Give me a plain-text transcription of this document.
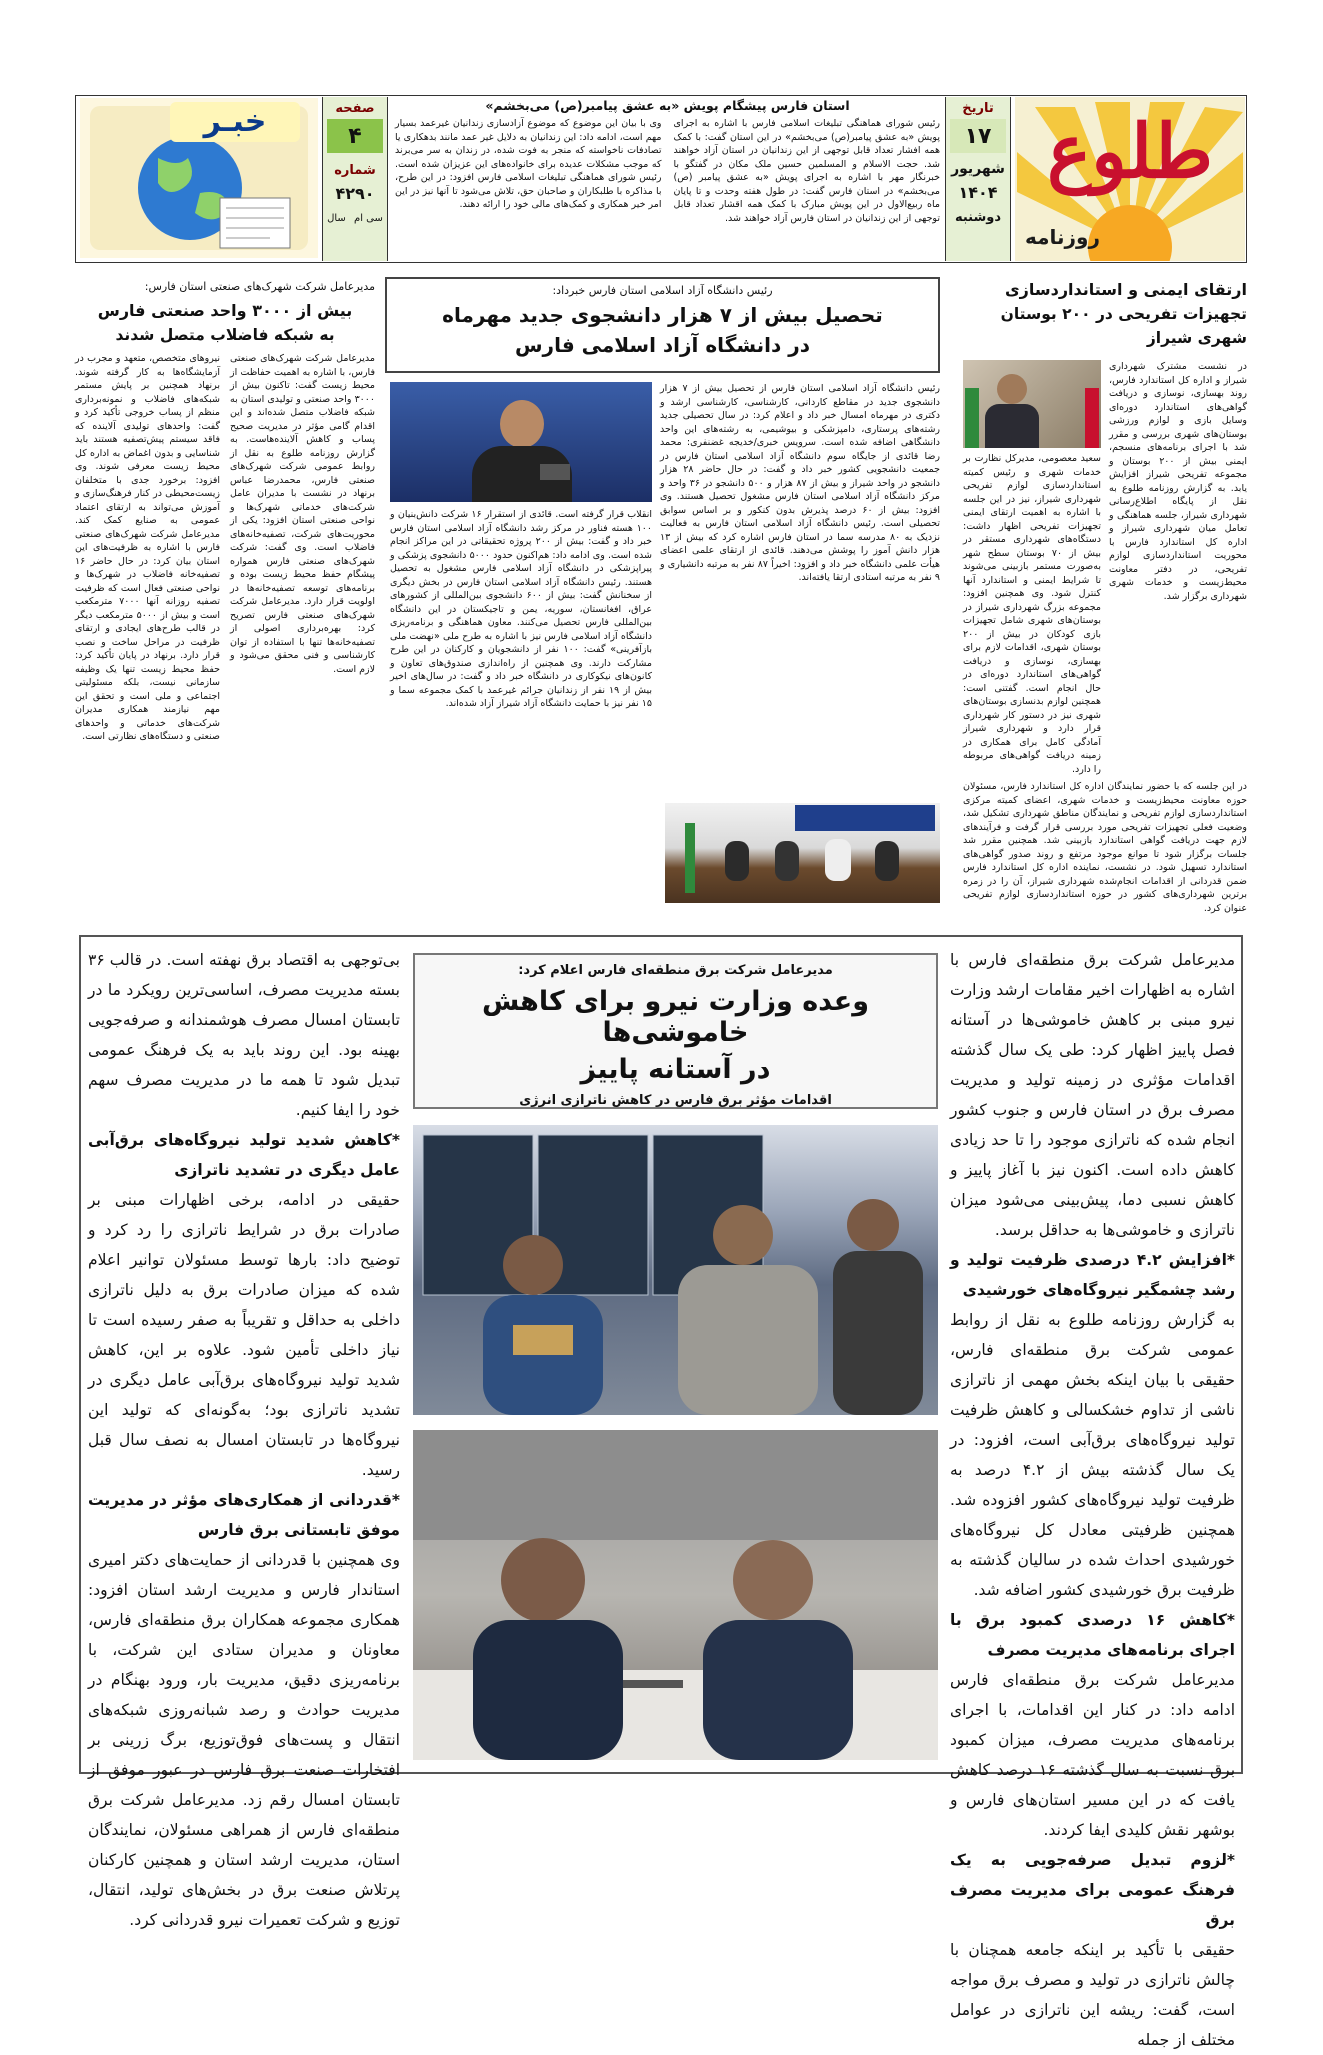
طلوع
روزنامه
تاریخ
۱۷
شهریور
۱۴۰۴
دوشنبه
استان فارس پیشگام پویش «به عشق پیامبر(ص) می‌بخشم»

رئیس شورای هماهنگی تبلیغات اسلامی فارس با اشاره به اجرای پویش «به عشق پیامبر(ص) می‌بخشم» در این استان گفت: با کمک همه افشار تعداد قابل توجهی از این زندانیان در استان آزاد خواهند شد. حجت الاسلام و المسلمین حسین ملک مکان در گفتگو با خبرنگار مهر با اشاره به اجرای پویش «به عشق پیامبر (ص) می‌بخشم» در استان فارس گفت: در طول هفته وحدت و تا پایان ماه ربیع‌الاول در این پویش مبارک با کمک همه اقشار تعداد قابل توجهی از این زندانیان در استان فارس آزاد خواهند شد.

وی با بیان این موضوع که موضوع آزادسازی زندانیان غیرعمد بسیار مهم است، ادامه داد: این زندانیان به دلایل غیر عمد مانند بدهکاری یا تصادفات ناخواسته که منجر به فوت شده، در زندان به سر می‌برند که موجب مشکلات عدیده برای خانواده‌های این عزیزان شده است. رئیس شورای هماهنگی تبلیغات اسلامی فارس افزود: در این طرح، با مذاکره با طلبکاران و صاحبان حق، تلاش می‌شود تا آنها نیز در این امر خیر همکاری و کمک‌های مالی خود را ارائه دهند.

صفحه
۴
شماره
۴۲۹۰
سال سی ام
خبـر
ارتقای ایمنی و استانداردسازی
تجهیزات تفریحی در ۲۰۰ بوستان شهری شیراز

در نشست مشترک شهرداری شیراز و اداره کل استاندارد فارس، روند بهسازی، نوسازی و دریافت گواهی‌های استاندارد دوره‌ای وسایل بازی و لوازم ورزشی بوستان‌های شهری بررسی و مقرر شد با اجرای برنامه‌های منسجم، ایمنی بیش از ۲۰۰ بوستان و مجموعه تفریحی شیراز افزایش یابد. به گزارش روزنامه طلوع به نقل از پایگاه اطلاع‌رسانی شهرداری شیراز، جلسه هماهنگی و تعامل میان شهرداری شیراز و اداره کل استاندارد فارس با محوریت استانداردسازی لوازم تفریحی، در دفتر معاونت محیط‌زیست و خدمات شهری شهرداری برگزار شد.

سعید معصومی، مدیرکل نظارت بر خدمات شهری و رئیس کمیته استانداردسازی لوازم تفریحی شهرداری شیراز، نیز در این جلسه با اشاره به اهمیت ارتقای ایمنی تجهیزات تفریحی اظهار داشت: دستگاه‌های شهرداری مستقر در بیش از ۷۰ بوستان سطح شهر به‌صورت مستمر بازبینی می‌شوند تا شرایط ایمنی و استاندارد آنها کنترل شود. وی همچنین افزود: مجموعه بزرگ شهرداری شیراز در بوستان‌های شهری شامل تجهیزات بازی کودکان در بیش از ۲۰۰ بوستان شهری، اقدامات لازم برای بهسازی، نوسازی و دریافت گواهی‌های استاندارد دوره‌ای در حال انجام است. گفتنی است: همچنین لوازم بدنسازی بوستان‌های شهری نیز در دستور کار شهرداری قرار دارد و شهرداری شیراز آمادگی کامل برای همکاری در زمینه دریافت گواهی‌های مربوطه را دارد.

در این جلسه که با حضور نمایندگان اداره کل استاندارد فارس، مسئولان حوزه معاونت محیط‌زیست و خدمات شهری، اعضای کمیته مرکزی استانداردسازی لوازم تفریحی و نمایندگان مناطق شهرداری تشکیل شد، وضعیت فعلی تجهیزات تفریحی مورد بررسی قرار گرفت و فرآیندهای لازم جهت دریافت گواهی استاندارد بازبینی شد. همچنین مقرر شد جلسات برگزار شود تا موانع موجود مرتفع و روند صدور گواهی‌های استاندارد تسهیل شود. در نشست، نماینده اداره کل استاندارد فارس ضمن قدردانی از اقدامات انجام‌شده شهرداری شیراز، آن را در زمره برترین شهرداری‌های کشور در حوزه استانداردسازی لوازم تفریحی عنوان کرد.

رئیس دانشگاه آزاد اسلامی استان فارس خبرداد:
تحصیل بیش از ۷ هزار دانشجوی جدید مهرماه
در دانشگاه آزاد اسلامی فارس

رئیس دانشگاه آزاد اسلامی استان فارس از تحصیل بیش از ۷ هزار دانشجوی جدید در مقاطع کاردانی، کارشناسی، کارشناسی ارشد و دکتری در مهرماه امسال خبر داد و اعلام کرد: در سال تحصیلی جدید رشته‌های پرستاری، دامپزشکی و بیوشیمی، به رشته‌های این واحد دانشگاهی اضافه شده است. سرویس خبری/خدیجه غضنفری: محمد رضا قائدی از جایگاه سوم دانشگاه آزاد اسلامی استان فارس در جمعیت دانشجویی کشور خبر داد و گفت: در حال حاضر ۲۸ هزار دانشجو در واحد شیراز و بیش از ۸۷ هزار و ۵۰۰ دانشجو در ۳۶ واحد و مرکز دانشگاه آزاد اسلامی استان فارس مشغول تحصیل هستند. وی افزود: بیش از ۶۰ درصد پذیرش بدون کنکور و بر اساس سوابق تحصیلی است. رئیس دانشگاه آزاد اسلامی استان فارس به فعالیت نزدیک به ۸۰ مدرسه سما در استان فارس اشاره کرد که بیش از ۱۳ هزار دانش آموز را پوشش می‌دهند. قائدی از ارتقای علمی اعضای هیأت علمی دانشگاه خبر داد و افزود: اخیراً ۸۷ نفر به مرتبه دانشیاری و ۹ نفر به مرتبه استادی ارتقا یافته‌اند.

انقلاب قرار گرفته است. قائدی از استقرار ۱۶ شرکت دانش‌بنیان و ۱۰۰ هسته فناور در مرکز رشد دانشگاه آزاد اسلامی استان فارس خبر داد و گفت: بیش از ۲۰۰ پروژه تحقیقاتی در این مراکز انجام شده است. وی ادامه داد: هم‌اکنون حدود ۵۰۰۰ دانشجوی پزشکی و پیراپزشکی در دانشگاه آزاد اسلامی فارس مشغول به تحصیل هستند. رئیس دانشگاه آزاد اسلامی استان فارس در بخش دیگری از سخنانش گفت: بیش از ۶۰۰ دانشجوی بین‌المللی از کشورهای عراق، افغانستان، سوریه، یمن و تاجیکستان در این دانشگاه بین‌المللی فارس تحصیل می‌کنند. معاون هماهنگی و برنامه‌ریزی دانشگاه آزاد اسلامی فارس نیز با اشاره به طرح ملی «نهضت ملی بازآفرینی» گفت: ۱۰۰ نفر از دانشجویان و کارکنان در این طرح مشارکت دارند. وی همچنین از راه‌اندازی صندوق‌های تعاون و کانون‌های نیکوکاری در دانشگاه خبر داد و گفت: در سال‌های اخیر بیش از ۱۹ نفر از زندانیان جرائم غیرعمد با کمک مجموعه سما و ۱۵ نفر نیز با حمایت دانشگاه آزاد شیراز آزاد شده‌اند.

مدیرعامل شرکت شهرک‌های صنعتی استان فارس:
بیش از ۳۰۰۰ واحد صنعتی فارس
به شبکه فاضلاب متصل شدند

مدیرعامل شرکت شهرک‌های صنعتی فارس، با اشاره به اهمیت حفاظت از محیط زیست گفت: تاکنون بیش از ۳۰۰۰ واحد صنعتی و تولیدی استان به شبکه فاضلاب متصل شده‌اند و این اقدام گامی مؤثر در مدیریت صحیح پساب و کاهش آلاینده‌هاست. به گزارش روزنامه طلوع به نقل از روابط عمومی شرکت شهرک‌های صنعتی فارس، محمدرضا عباس برنهاد در نشست با مدیران عامل شرکت‌های خدماتی شهرک‌ها و نواحی صنعتی استان افزود: یکی از محوریت‌های شرکت، تصفیه‌خانه‌های فاضلاب است. وی گفت: شرکت شهرک‌های صنعتی فارس همواره پیشگام حفظ محیط زیست بوده و برنامه‌های توسعه تصفیه‌خانه‌ها در اولویت قرار دارد. مدیرعامل شرکت شهرک‌های صنعتی فارس تصریح کرد: بهره‌برداری اصولی از تصفیه‌خانه‌ها تنها با استفاده از توان کارشناسی و فنی محقق می‌شود و لازم است.

نیروهای متخصص، متعهد و مجرب در آزمایشگاه‌ها به کار گرفته شوند. برنهاد همچنین بر پایش مستمر شبکه‌های فاضلاب و نمونه‌برداری منظم از پساب خروجی تأکید کرد و گفت: واحدهای تولیدی آلاینده که فاقد سیستم پیش‌تصفیه هستند باید شناسایی و بدون اغماض به اداره کل محیط زیست معرفی شوند. وی افزود: برخورد جدی با متخلفان زیست‌محیطی در کنار فرهنگ‌سازی و آموزش می‌تواند به ارتقای اعتماد عمومی به صنایع کمک کند. مدیرعامل شرکت شهرک‌های صنعتی فارس با اشاره به ظرفیت‌های این استان بیان کرد: در حال حاضر ۱۶ تصفیه‌خانه فاضلاب در شهرک‌ها و نواحی صنعتی فعال است که ظرفیت تصفیه روزانه آنها ۷۰۰۰ مترمکعب است و بیش از ۵۰۰۰ مترمکعب دیگر در قالب طرح‌های ایجادی و ارتقای ظرفیت در مراحل ساخت و نصب قرار دارد. برنهاد در پایان تأکید کرد: حفظ محیط زیست تنها یک وظیفه سازمانی نیست، بلکه مسئولیتی اجتماعی و ملی است و تحقق این مهم نیازمند همکاری مدیران شرکت‌های خدماتی و واحدهای صنعتی و دستگاه‌های نظارتی است.

مدیرعامل شرکت برق منطقه‌ای فارس اعلام کرد:
وعده وزارت نیرو برای کاهش خاموشی‌ها
در آستانه پاییز
اقدامات مؤثر برق فارس در کاهش ناترازی انرژی

مدیرعامل شرکت برق منطقه‌ای فارس با اشاره به اظهارات اخیر مقامات ارشد وزارت نیرو مبنی بر کاهش خاموشی‌ها در آستانه فصل پاییز اظهار کرد: طی یک سال گذشته اقدامات مؤثری در زمینه تولید و مدیریت مصرف برق در استان فارس و جنوب کشور انجام شده که ناترازی موجود را تا حد زیادی کاهش داده است. اکنون نیز با آغاز پاییز و کاهش نسبی دما، پیش‌بینی می‌شود میزان ناترازی و خاموشی‌ها به حداقل برسد.

*افزایش ۴.۲ درصدی ظرفیت تولید و رشد چشمگیر نیروگاه‌های خورشیدی

به گزارش روزنامه طلوع به نقل از روابط عمومی شرکت برق منطقه‌ای فارس، حقیقی با بیان اینکه بخش مهمی از ناترازی ناشی از تداوم خشکسالی و کاهش ظرفیت تولید نیروگاه‌های برق‌آبی است، افزود: در یک سال گذشته بیش از ۴.۲ درصد به ظرفیت تولید نیروگاه‌های کشور افزوده شد. همچنین ظرفیتی معادل کل نیروگاه‌های خورشیدی احداث شده در سالیان گذشته به ظرفیت برق خورشیدی کشور اضافه شد.

*کاهش ۱۶ درصدی کمبود برق با اجرای برنامه‌های مدیریت مصرف

مدیرعامل شرکت برق منطقه‌ای فارس ادامه داد: در کنار این اقدامات، با اجرای برنامه‌های مدیریت مصرف، میزان کمبود برق نسبت به سال گذشته ۱۶ درصد کاهش یافت که در این مسیر استان‌های فارس و بوشهر نقش کلیدی ایفا کردند.

*لزوم تبدیل صرفه‌جویی به یک فرهنگ عمومی برای مدیریت مصرف برق

حقیقی با تأکید بر اینکه جامعه همچنان با چالش ناترازی در تولید و مصرف برق مواجه است، گفت: ریشه این ناترازی در عوامل مختلف از جمله

بی‌توجهی به اقتصاد برق نهفته است. در قالب ۳۶ بسته مدیریت مصرف، اساسی‌ترین رویکرد ما در تابستان امسال مصرف هوشمندانه و صرفه‌جویی بهینه بود. این روند باید به یک فرهنگ عمومی تبدیل شود تا همه ما در مدیریت مصرف سهم خود را ایفا کنیم.

*کاهش شدید تولید نیروگاه‌های برق‌آبی عامل دیگری در تشدید ناترازی

حقیقی در ادامه، برخی اظهارات مبنی بر صادرات برق در شرایط ناترازی را رد کرد و توضیح داد: بارها توسط مسئولان توانیر اعلام شده که میزان صادرات برق به دلیل ناترازی داخلی به حداقل و تقریباً به صفر رسیده است تا نیاز داخلی تأمین شود. علاوه بر این، کاهش شدید تولید نیروگاه‌های برق‌آبی عامل دیگری در تشدید ناترازی بود؛ به‌گونه‌ای که تولید این نیروگاه‌ها در تابستان امسال به نصف سال قبل رسید.

*قدردانی از همکاری‌های مؤثر در مدیریت موفق تابستانی برق فارس

وی همچنین با قدردانی از حمایت‌های دکتر امیری استاندار فارس و مدیریت ارشد استان افزود: همکاری مجموعه همکاران برق منطقه‌ای فارس، معاونان و مدیران ستادی این شرکت، با برنامه‌ریزی دقیق، مدیریت بار، ورود بهنگام در مدیریت حوادث و رصد شبانه‌روزی شبکه‌های انتقال و پست‌های فوق‌توزیع، برگ زرینی بر افتخارات صنعت برق فارس در عبور موفق از تابستان امسال رقم زد. مدیرعامل شرکت برق منطقه‌ای فارس از همراهی مسئولان، نمایندگان استان، مدیریت ارشد استان و همچنین کارکنان پرتلاش صنعت برق در بخش‌های تولید، انتقال، توزیع و شرکت تعمیرات نیرو قدردانی کرد.
